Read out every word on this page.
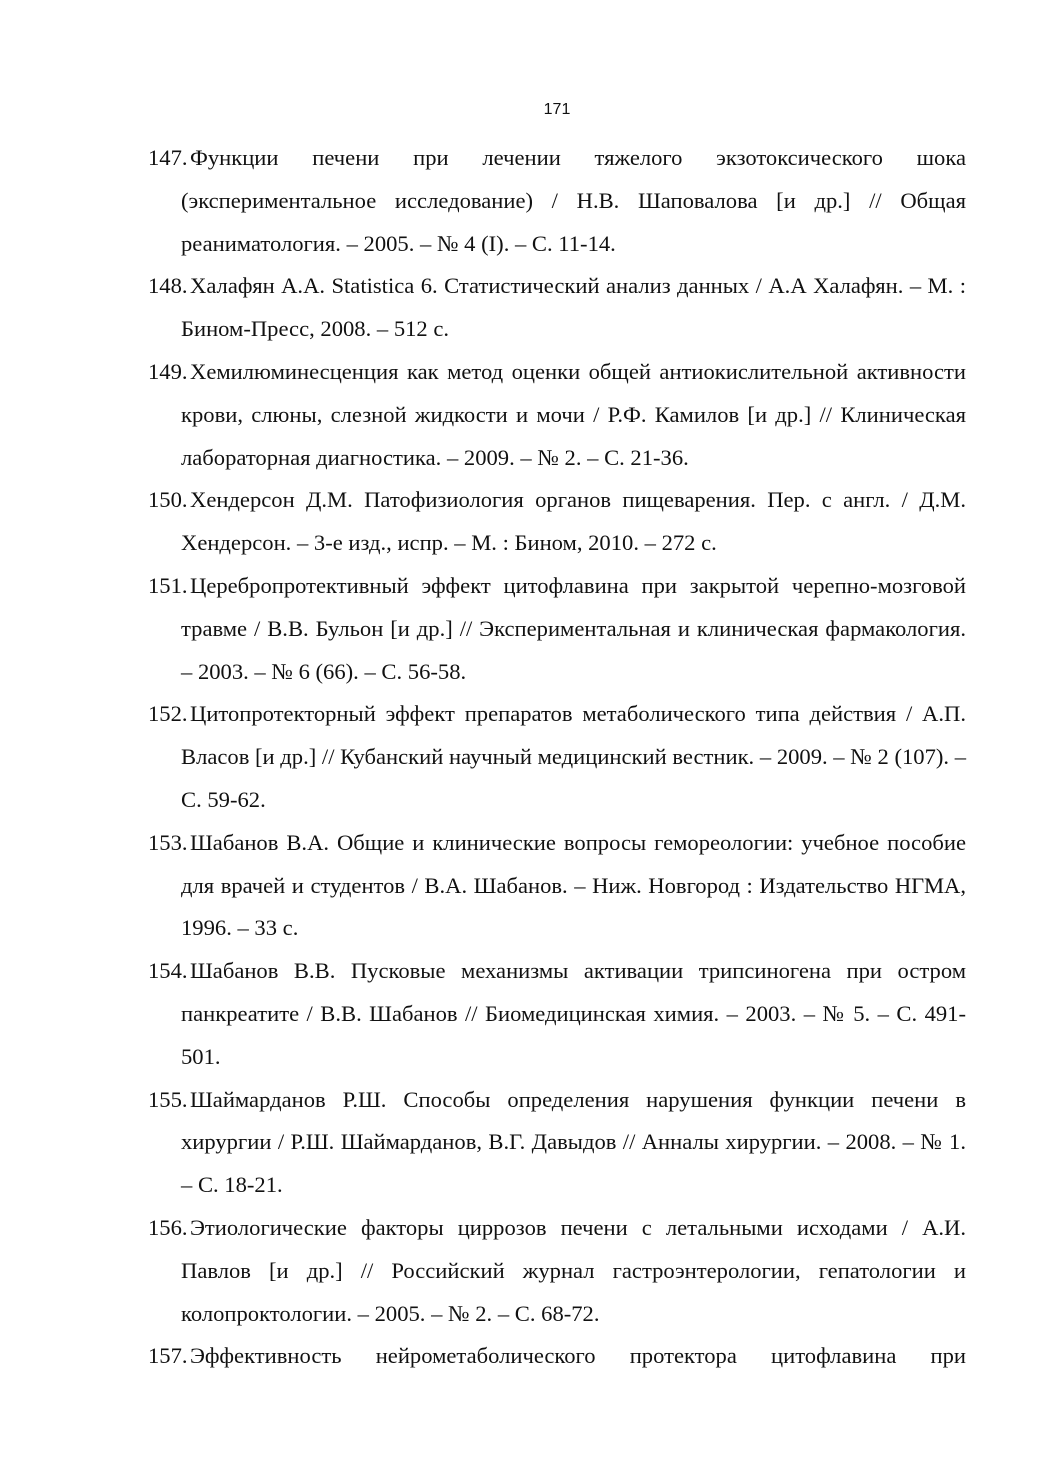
171
147. Функции печени при лечении тяжелого экзотоксического шока (экспериментальное исследование) / Н.В. Шаповалова [и др.] // Общая реаниматология. – 2005. – № 4 (I). – С. 11-14.
148. Халафян А.А. Statistica 6. Статистический анализ данных / А.А Халафян. – М. : Бином-Пресс, 2008. – 512 с.
149. Хемилюминесценция как метод оценки общей антиокислительной активности крови, слюны, слезной жидкости и мочи / Р.Ф. Камилов [и др.] // Клиническая лабораторная диагностика. – 2009. – № 2. – С. 21-36.
150. Хендерсон Д.М. Патофизиология органов пищеварения. Пер. с англ. / Д.М. Хендерсон. – 3-е изд., испр. – М. : Бином, 2010. – 272 с.
151. Церебропротективный эффект цитофлавина при закрытой черепно-мозговой травме / В.В. Бульон [и др.] // Экспериментальная и клиническая фармакология. – 2003. – № 6 (66). – С. 56-58.
152. Цитопротекторный эффект препаратов метаболического типа действия / А.П. Власов [и др.] // Кубанский научный медицинский вестник. – 2009. – № 2 (107). – С. 59-62.
153. Шабанов В.А. Общие и клинические вопросы гемореологии: учебное пособие для врачей и студентов / В.А. Шабанов. – Ниж. Новгород : Издательство НГМА, 1996. – 33 с.
154. Шабанов В.В. Пусковые механизмы активации трипсиногена при остром панкреатите / В.В. Шабанов // Биомедицинская химия. – 2003. – № 5. – С. 491-501.
155. Шаймарданов Р.Ш. Способы определения нарушения функции печени в хирургии / Р.Ш. Шаймарданов, В.Г. Давыдов // Анналы хирургии. – 2008. – № 1. – С. 18-21.
156. Этиологические факторы циррозов печени с летальными исходами / А.И. Павлов [и др.] // Российский журнал гастроэнтерологии, гепатологии и колопроктологии. – 2005. – № 2. – С. 68-72.
157. Эффективность нейрометаболического протектора цитофлавина при
